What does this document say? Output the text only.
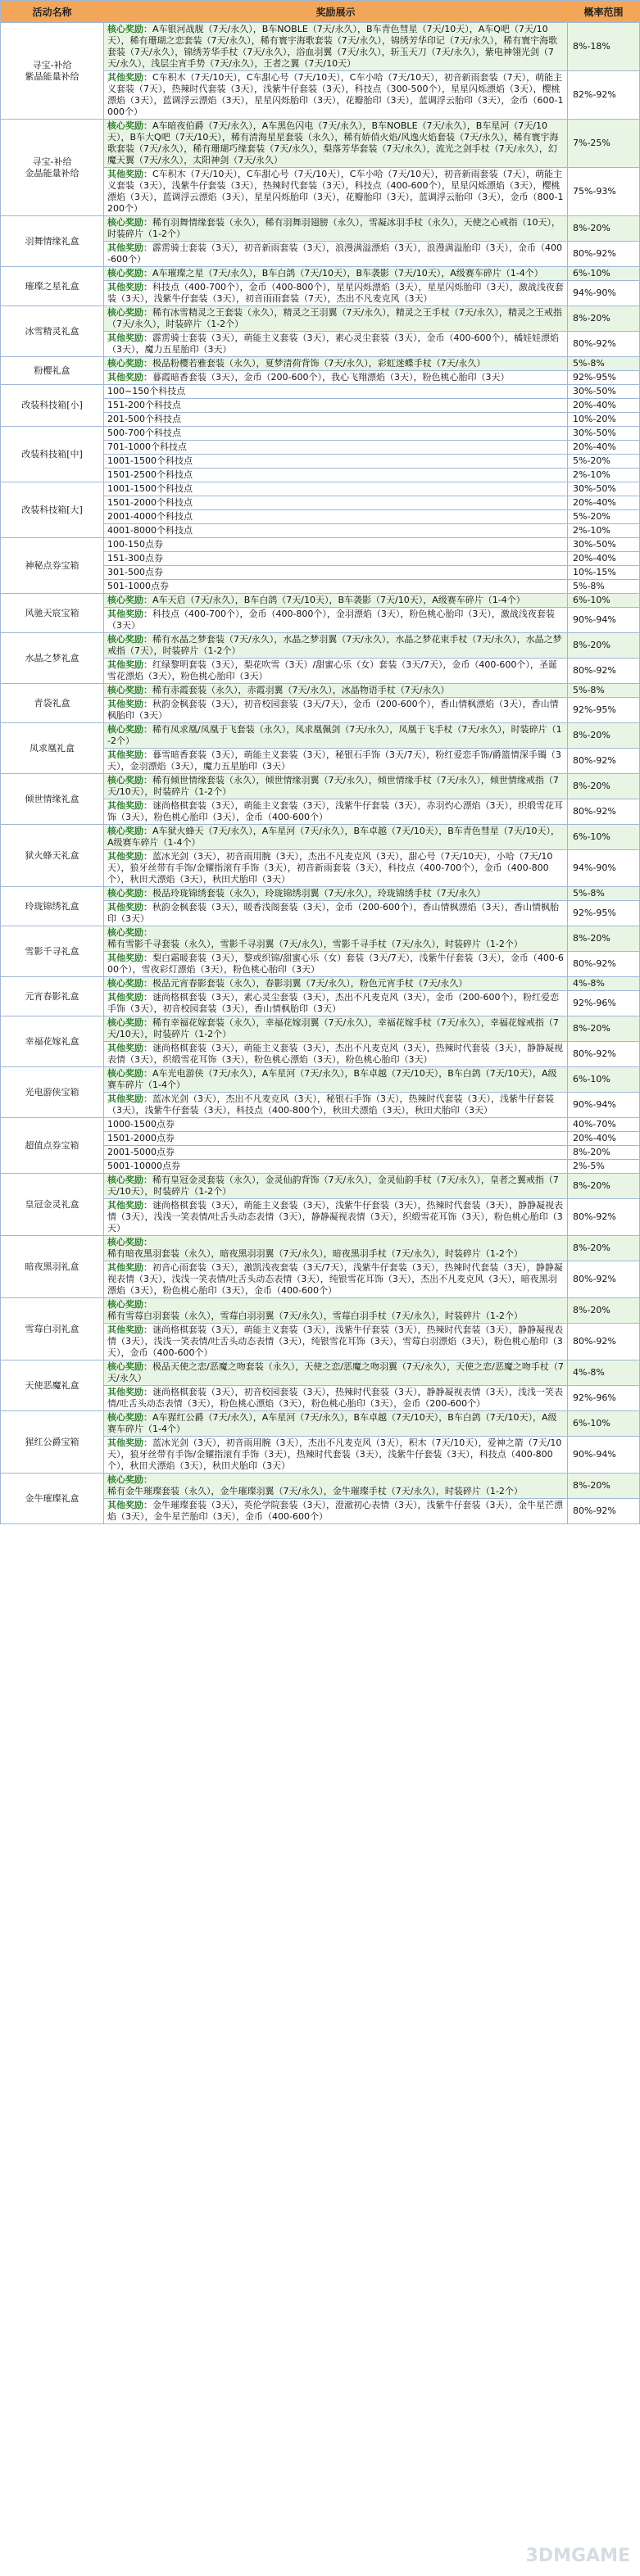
活动名称	奖励展示	概率范围
寻宝-补给
紫晶能量补给	核心奖励：A车银河战舰（7天/永久），B车NOBLE（7天/永久），B车青色彗星（7天/10天），A车Q吧（7天/10天），稀有珊瑚之恋套装（7天/永久），稀有寰宇海歌套装（7天/永久），锦绣芳华印记（7天/永久），稀有寰宇海歌套装（7天/永久），锦绣芳华手杖（7天/永久），浴血羽翼（7天/永久），斩玉天刀（7天/永久），紫电神翎光剑（7天/永久），浅层尘宵手势（7天/永久），王者之翼（7天/10天）	8%-18%
	其他奖励：C车积木（7天/10天），C车甜心号（7天/10天），C车小哈（7天/10天），初音新雨套装（7天），萌能主义套装（7天），热辣时代套装（3天），浅紫牛仔套装（3天），科技点（300-500个），星星闪烁漂焰（3天），樱桃漂焰（3天），蓝调浮云漂焰（3天），星星闪烁胎印（3天），花瓣胎印（3天），蓝调浮云胎印（3天），金币（600-1000个）	82%-92%
寻宝-补给
金晶能量补给	核心奖励：A车暗夜伯爵（7天/永久），A车黑色闪电（7天/永久），B车NOBLE（7天/永久），B车星河（7天/10天），B车大Q吧（7天/10天），稀有清海星星套装（永久），稀有娇俏火焰/风逸火焰套装（7天/永久），稀有寰宇海歌套装（7天/永久），稀有珊瑚巧缘套装（7天/永久），梨落芳华套装（7天/永久），流光之剑手杖（7天/永久），幻魔天翼（7天/永久），太阳神剑（7天/永久）	7%-25%
	其他奖励：C车积木（7天/10天），C车甜心号（7天/10天），C车小哈（7天/10天），初音新雨套装（7天），萌能主义套装（3天），浅紫牛仔套装（3天），热辣时代套装（3天），科技点（400-600个），星星闪烁漂焰（3天），樱桃漂焰（3天），蓝调浮云漂焰（3天），星星闪烁胎印（3天），花瓣胎印（3天），蓝调浮云胎印（3天），金币（800-1200个）	75%-93%
羽舞情缘礼盒	核心奖励：稀有羽舞情缘套装（永久），稀有羽舞羽翅膀（永久），雪凝冰羽手杖（永久），天使之心戒指（10天），时装碎片（1-2个）	8%-20%
	其他奖励：霹雳骑士套装（3天），初音新雨套装（3天），浪漫满溢漂焰（3天），浪漫满溢胎印（3天），金币（400-600个）	80%-92%
璀璨之星礼盒	核心奖励：A车璀璨之星（7天/永久），B车白鸽（7天/10天），B车袭影（7天/10天），A级赛车碎片（1-4个）	6%-10%
	其他奖励：科技点（400-700个），金币（400-800个），星星闪烁漂焰（3天），星星闪烁胎印（3天），激战浅夜套装（3天），浅紫牛仔套装（3天），初音雨雨套装（7天），杰出不凡麦克风（3天）	94%-90%
冰雪精灵礼盒	核心奖励：稀有冰雪精灵之王套装（永久），精灵之王羽翼（7天/永久），精灵之王手杖（7天/永久），精灵之王戒指（7天/永久），时装碎片（1-2个）	8%-20%
	其他奖励：霹雳骑士套装（3天），萌能主义套装（3天），素心灵尘套装（3天），金币（400-600个），橘娃娃漂焰（3天），魔力五星胎印（3天）	80%-92%
粉樱礼盒	核心奖励：极品粉樱若雅套装（永久），夏梦清荷背饰（7天/永久），彩虹迷蝶手杖（7天/永久）	5%-8%
	其他奖励：暮霞暗香套装（3天），金币（200-600个），我心飞翔漂焰（3天），粉色桃心胎印（3天）	92%-95%
改装科技箱[小]	100~150个科技点	30%-50%
	151-200个科技点	20%-40%
	201-500个科技点	10%-20%
改装科技箱[中]	500-700个科技点	30%-50%
	701-1000个科技点	20%-40%
	1001-1500个科技点	5%-20%
	1501-2500个科技点	2%-10%
改装科技箱[大]	1001-1500个科技点	30%-50%
	1501-2000个科技点	20%-40%
	2001-4000个科技点	5%-20%
	4001-8000个科技点	2%-10%
神秘点券宝箱	100-150点券	30%-50%
	151-300点券	20%-40%
	301-500点券	10%-15%
	501-1000点券	5%-8%
风驰天宸宝箱	核心奖励：A车天启（7天/永久），B车白鸽（7天/10天），B车袭影（7天/10天），A级赛车碎片（1-4个）	6%-10%
	其他奖励：科技点（400-700个），金币（400-800个），金羽漂焰（3天），粉色桃心胎印（3天），激战浅夜套装（3天）	90%-94%
水晶之梦礼盒	核心奖励：稀有水晶之梦套装（7天/永久），水晶之梦羽翼（7天/永久），水晶之梦花束手杖（7天/永久），水晶之梦戒指（7天），时装碎片（1-2个）	8%-20%
	其他奖励：红绿黎明套装（3天），梨花吹雪（3天）/甜蜜心乐（女）套装（3天/7天），金币（400-600个），圣诞雪花漂焰（3天），粉色桃心胎印（3天）	80%-92%
青袋礼盒	核心奖励：稀有赤霞套装（永久），赤霞羽翼（7天/永久），冰晶物语手杖（7天/永久）	5%-8%
	其他奖励：秋韵金枫套装（3天），初音校园套装（3天/7天），金币（200-600个），香山情枫漂焰（3天），香山情枫胎印（3天）	92%-95%
凤求凰礼盒	核心奖励：稀有凤求凰/凤凰于飞套装（永久），凤求凰佩剑（7天/永久），凤凰于飞手杖（7天/永久），时装碎片（1-2个）	8%-20%
	其他奖励：暮雪暗香套装（3天），萌能主义套装（3天），秘银石手饰（3天/7天），粉红爱恋手饰/爵篮情深手镯（3天），金羽漂焰（3天），魔力五星胎印（3天）	80%-92%
倾世情缘礼盒	核心奖励：稀有倾世情缘套装（永久），倾世情缘羽翼（7天/永久），倾世情缘手杖（7天/永久），倾世情缘戒指（7天/10天），时装碎片（1-2个）	8%-20%
	其他奖励：谜尚格棋套装（3天），萌能主义套装（3天），浅紫牛仔套装（3天），赤羽灼心漂焰（3天），织缎雪花耳饰（3天），粉色桃心胎印（3天），金币（400-600个）	80%-92%
狱火蜂天礼盒	核心奖励：A车狱火蜂天（7天/永久），A车星河（7天/永久），B车卓越（7天/10天），B车青色彗星（7天/10天），A级赛车碎片（1-4个）	6%-10%
	其他奖励：蓝冰光剑（3天），初音雨用腕（3天），杰出不凡麦克风（3天），甜心号（7天/10天），小哈（7天/10天），狼牙丝带有手饰/金耀指滚有手饰（3天），初音新雨套装（3天），科技点（400-700个），金币（400-800个），秋田犬漂焰（3天），秋田犬胎印（3天）	94%-90%
玲珑锦绣礼盒	核心奖励：极品玲珑锦绣套装（永久），玲珑锦绣羽翼（7天/永久），玲珑锦绣手杖（7天/永久）	5%-8%
	其他奖励：秋韵金枫套装（3天），暖香浅阁套装（3天），金币（200-600个），香山情枫漂焰（3天），香山情枫胎印（3天）	92%-95%
雪影千寻礼盒	核心奖励：稀有雪影千寻套装（永久），雪影千寻羽翼（7天/永久），雪影千寻手杖（7天/永久），时装碎片（1-2个）	8%-20%
	其他奖励：梨白霜暖套装（3天），黎或织锦/甜蜜心乐（女）套装（3天/7天），浅紫牛仔套装（3天），金币（400-600个），雪夜彩灯漂焰（3天），粉色桃心胎印（3天）	80%-92%
元宵春影礼盒	核心奖励：极品元宵春影套装（永久），春影羽翼（7天/永久），粉色元宵手杖（7天/永久）	4%-8%
	其他奖励：谜尚格棋套装（3天），素心灵尘套装（3天），杰出不凡麦克风（3天），金币（200-600个），粉红爱恋手饰（3天），初音校园套装（3天），香山情枫胎印（3天）	92%-96%
幸福花嫁礼盒	核心奖励：稀有幸福花嫁套装（永久），幸福花嫁羽翼（7天/永久），幸福花嫁手杖（7天/永久），幸福花嫁戒指（7天/10天），时装碎片（1-2个）	8%-20%
	其他奖励：谜尚格棋套装（3天），萌能主义套装（3天），杰出不凡麦克风（3天），热辣时代套装（3天），静静凝视表情（3天），织缎雪花耳饰（3天），粉色桃心漂焰（3天），粉色桃心胎印（3天）	80%-92%
光电游侠宝箱	核心奖励：A车光电游侠（7天/永久），A车星河（7天/永久），B车卓越（7天/10天），B车白鸽（7天/10天），A级赛车碎片（1-4个）	6%-10%
	其他奖励：蓝冰光剑（3天），杰出不凡麦克风（3天），秘银石手饰（3天），热辣时代套装（3天），浅紫牛仔套装（3天），浅紫牛仔套装（3天），科技点（400-800个），秋田犬漂焰（3天），秋田犬胎印（3天）	90%-94%
超值点券宝箱	1000-1500点券	40%-70%
	1501-2000点券	20%-40%
	2001-5000点券	8%-20%
	5001-10000点券	2%-5%
皇冠金灵礼盒	核心奖励：稀有皇冠金灵套装（永久），金灵仙韵背饰（7天/永久），金灵仙韵手杖（7天/永久），皇者之翼戒指（7天/10天），时装碎片（1-2个）	8%-20%
	其他奖励：谜尚格棋套装（3天），萌能主义套装（3天），浅紫牛仔套装（3天），热辣时代套装（3天），静静凝视表情（3天），浅浅一笑表情/吐舌头动态表情（3天），静静凝视表情（3天），织缎雪花耳饰（3天），粉色桃心胎印（3天）	80%-92%
暗夜黑羽礼盒	核心奖励：稀有暗夜黑羽套装（永久），暗夜黑羽羽翼（7天/永久），暗夜黑羽手杖（7天/永久），时装碎片（1-2个）	8%-20%
	其他奖励：初音心雨套装（3天），激凯浅夜套装（3天/7天），浅紫牛仔套装（3天），热辣时代套装（3天），静静凝视表情（3天），浅浅一笑表情/吐舌头动态表情（3天），纯银雪花耳饰（3天），杰出不凡麦克风（3天），暗夜黑羽漂焰（3天），粉色桃心胎印（3天），金币（400-600个）	80%-92%
雪莓白羽礼盒	核心奖励：稀有雪莓白羽套装（永久），雪莓白羽羽翼（7天/永久），雪莓白羽手杖（7天/永久），时装碎片（1-2个）	8%-20%
	其他奖励：谜尚格棋套装（3天），萌能主义套装（3天），浅紫牛仔套装（3天），热辣时代套装（3天），静静凝视表情（3天），浅浅一笑表情/吐舌头动态表情（3天），纯银雪花耳饰（3天），雪莓白羽漂焰（3天），粉色桃心胎印（3天），金币（400-600个）	80%-92%
天使恶魔礼盒	核心奖励：极品天使之恋/恶魔之吻套装（永久），天使之恋/恶魔之吻羽翼（7天/永久），天使之恋/恶魔之吻手杖（7天/永久）	4%-8%
	其他奖励：谜尚格棋套装（3天），初音校园套装（3天），热辣时代套装（3天），静静凝视表情（3天），浅浅一笑表情/吐舌头动态表情（3天），粉色桃心漂焰（3天），粉色桃心胎印（3天），金币（200-600个）	92%-96%
猩红公爵宝箱	核心奖励：A车猩红公爵（7天/永久），A车星河（7天/永久），B车卓越（7天/10天），B车白鸽（7天/10天），A级赛车碎片（1-4个）	6%-10%
	其他奖励：蓝冰光剑（3天），初音雨用腕（3天），杰出不凡麦克风（3天），积木（7天/10天），爱神之箭（7天/10天），狼牙丝带有手饰/金耀指滚有手饰（3天），热辣时代套装（3天），浅紫牛仔套装（3天），科技点（400-800个），秋田犬漂焰（3天），秋田犬胎印（3天）	90%-94%
金牛璀璨礼盒	核心奖励：稀有金牛璀璨套装（永久），金牛璀璨羽翼（7天/永久），金牛璀璨手杖（7天/永久），时装碎片（1-2个）	8%-20%
	其他奖励：金牛璀璨套装（3天），英伦学院套装（3天），澄澈初心表情（3天），浅紫牛仔套装（3天），金牛星芒漂焰（3天），金牛星芒胎印（3天），金币（400-600个）	80%-92%
3DMGAME
